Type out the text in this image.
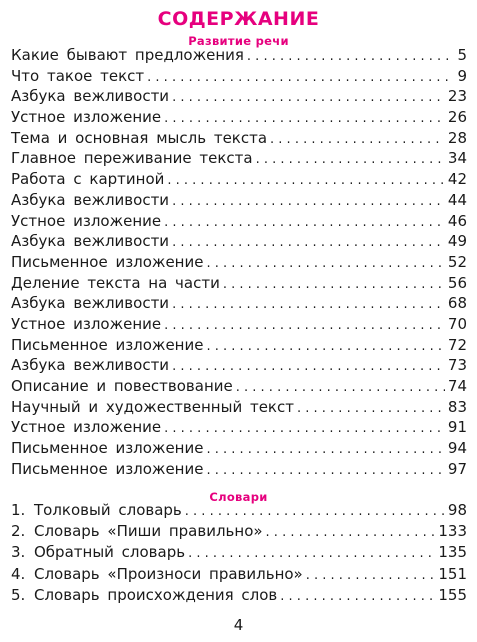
СОДЕРЖАНИЕ
Развитие речи
Какие бывают предложения . . .	5
Что такое текст . . .	9
Азбука вежливости . . .	23
Устное изложение . . .	26
Тема и основная мысль текста . . .	28
Главное переживание текста . . .	34
Работа с картиной . . .	42
Азбука вежливости . . .	44
Устное изложение . . .	46
Азбука вежливости . . .	49
Письменное изложение . . .	52
Деление текста на части . . .	56
Азбука вежливости . . .	68
Устное изложение . . .	70
Письменное изложение . . .	72
Азбука вежливости . . .	73
Описание и повествование . . .	74
Научный и художественный текст . . .	83
Устное изложение . . .	91
Письменное изложение . . .	94
Письменное изложение . . .	97
Словари
1. Толковый словарь . . .	98
2. Словарь «Пиши правильно» . . .	133
3. Обратный словарь . . .	135
4. Словарь «Произноси правильно» . . .	151
5. Словарь происхождения слов . . .	155
4
